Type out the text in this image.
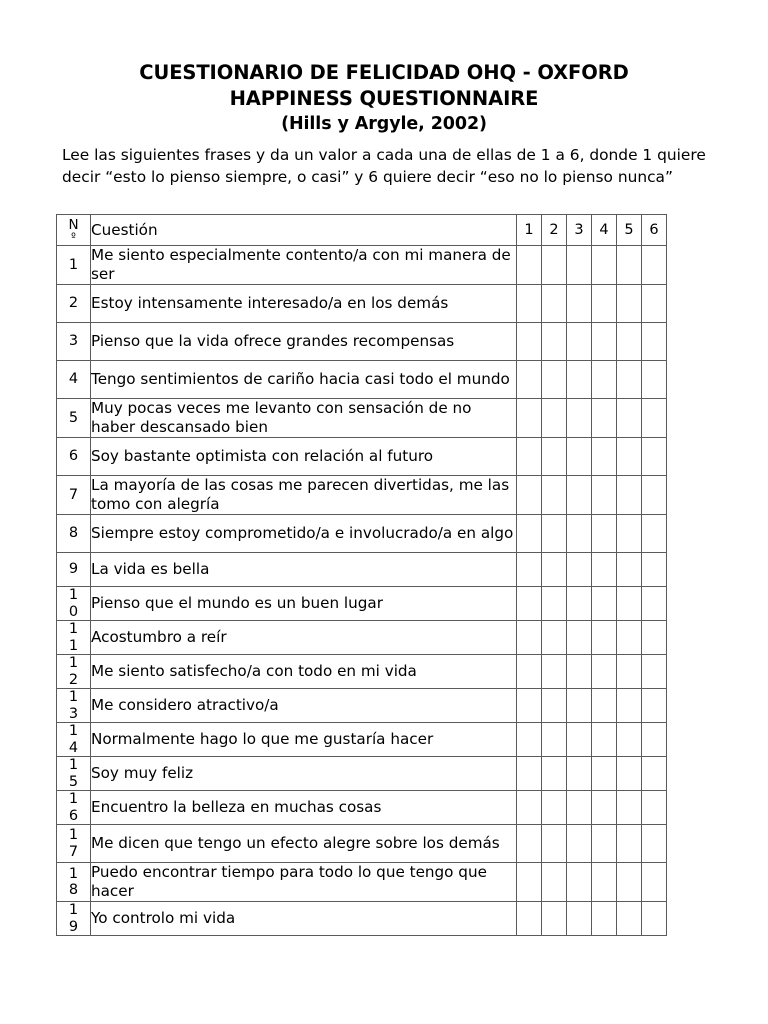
CUESTIONARIO DE FELICIDAD OHQ - OXFORD
HAPPINESS QUESTIONNAIRE
(Hills y Argyle, 2002)
Lee las siguientes frases y da un valor a cada una de ellas de 1 a 6, donde 1 quiere decir “esto lo pienso siempre, o casi” y 6 quiere decir “eso no lo pienso nunca”
N
º	Cuestión	1	2	3	4	5	6

1	Me siento especialmente contento/a con mi manera de ser						

2	Estoy intensamente interesado/a en los demás						

3	Pienso que la vida ofrece grandes recompensas						

4	Tengo sentimientos de cariño hacia casi todo el mundo						

5	Muy pocas veces me levanto con sensación de no haber descansado bien						

6	Soy bastante optimista con relación al futuro						

7	La mayoría de las cosas me parecen divertidas, me las tomo con alegría						

8	Siempre estoy comprometido/a e involucrado/a en algo						

9	La vida es bella						

10	Pienso que el mundo es un buen lugar						

11	Acostumbro a reír						

12	Me siento satisfecho/a con todo en mi vida						

13	Me considero atractivo/a						

14	Normalmente hago lo que me gustaría hacer						

15	Soy muy feliz						

16	Encuentro la belleza en muchas cosas						

17	Me dicen que tengo un efecto alegre sobre los demás						

18	Puedo encontrar tiempo para todo lo que tengo que hacer						

19	Yo controlo mi vida						
